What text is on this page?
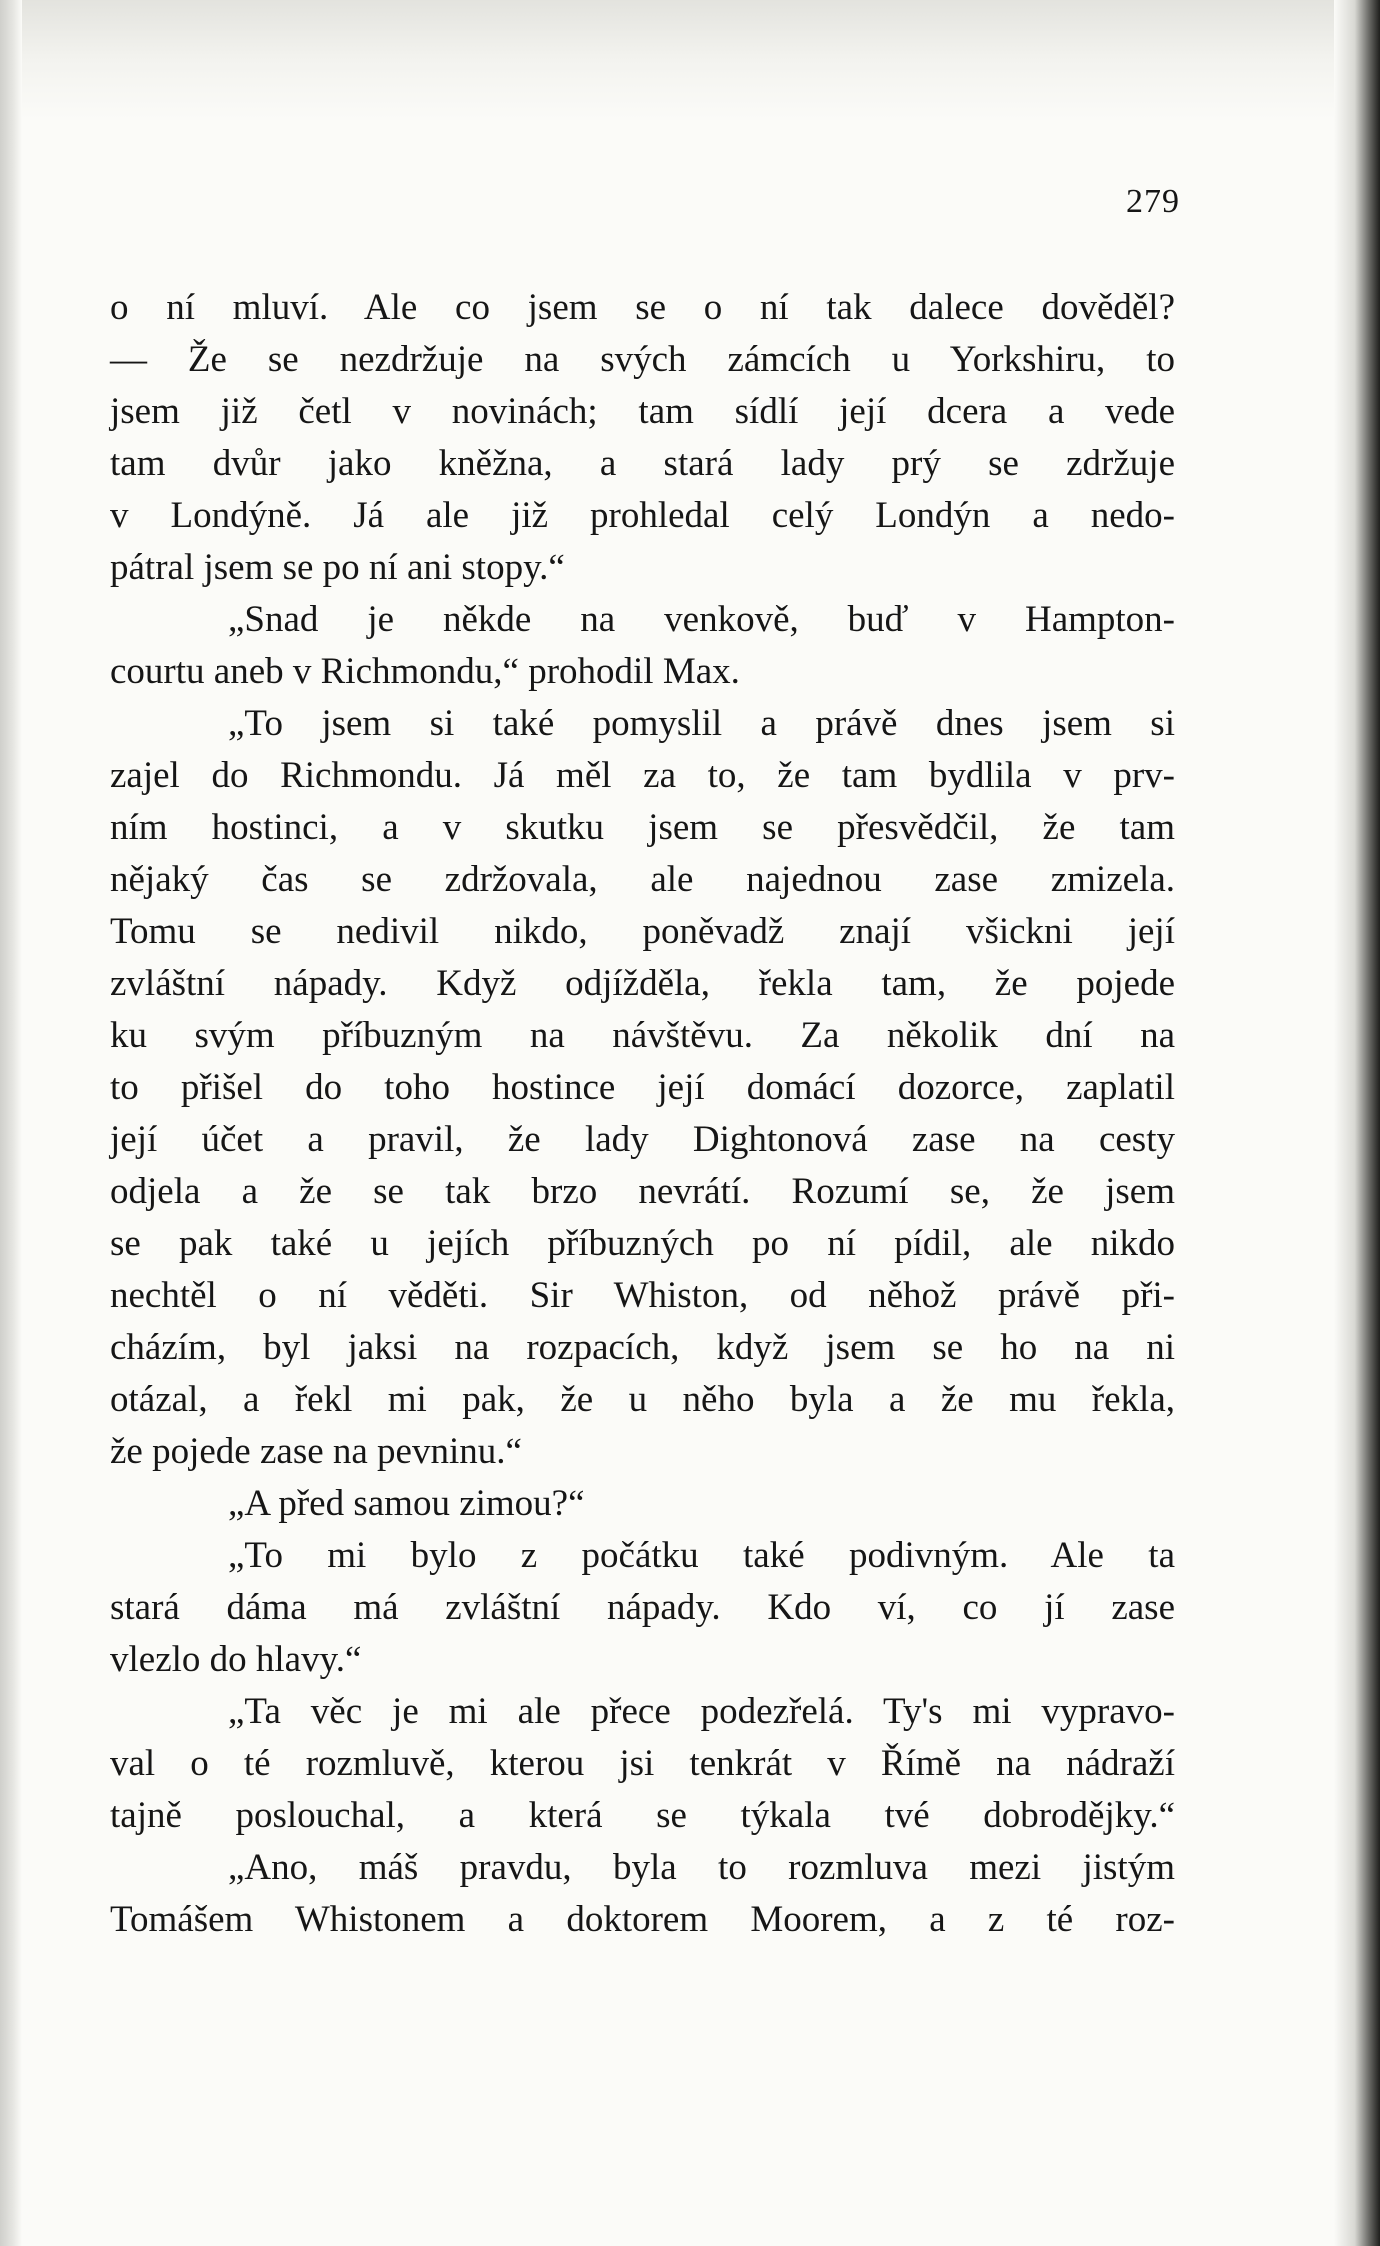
279
o ní mluví. Ale co jsem se o ní tak dalece dověděl?
— Že se nezdržuje na svých zámcích u Yorkshiru, to
jsem již četl v novinách; tam sídlí její dcera a vede
tam dvůr jako kněžna, a stará lady prý se zdržuje
v Londýně. Já ale již prohledal celý Londýn a nedo-
pátral jsem se po ní ani stopy.“
„Snad je někde na venkově, buď v Hampton-
courtu aneb v Richmondu,“ prohodil Max.
„To jsem si také pomyslil a právě dnes jsem si
zajel do Richmondu. Já měl za to, že tam bydlila v prv-
ním hostinci, a v skutku jsem se přesvědčil, že tam
nějaký čas se zdržovala, ale najednou zase zmizela.
Tomu se nedivil nikdo, poněvadž znají všickni její
zvláštní nápady. Když odjížděla, řekla tam, že pojede
ku svým příbuzným na návštěvu. Za několik dní na
to přišel do toho hostince její domácí dozorce, zaplatil
její účet a pravil, že lady Dightonová zase na cesty
odjela a že se tak brzo nevrátí. Rozumí se, že jsem
se pak také u jejích příbuzných po ní pídil, ale nikdo
nechtěl o ní věděti. Sir Whiston, od něhož právě při-
cházím, byl jaksi na rozpacích, když jsem se ho na ni
otázal, a řekl mi pak, že u něho byla a že mu řekla,
že pojede zase na pevninu.“
„A před samou zimou?“
„To mi bylo z počátku také podivným. Ale ta
stará dáma má zvláštní nápady. Kdo ví, co jí zase
vlezlo do hlavy.“
„Ta věc je mi ale přece podezřelá. Ty's mi vypravo-
val o té rozmluvě, kterou jsi tenkrát v Římě na nádraží
tajně poslouchal, a která se týkala tvé dobrodějky.“
„Ano, máš pravdu, byla to rozmluva mezi jistým
Tomášem Whistonem a doktorem Moorem, a z té roz-
